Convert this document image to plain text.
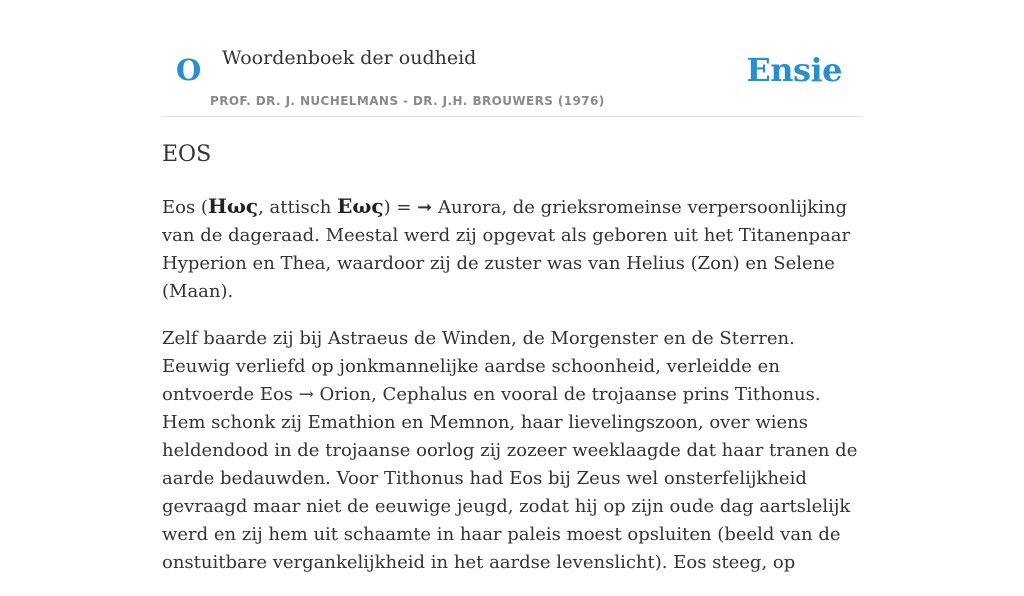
O Woordenboek der oudheid
PROF. DR. J. NUCHELMANS - DR. J.H. BROUWERS (1976)
Ensie
EOS

Eos (Ηως, attisch Εως) = ➞ Aurora, de grieksromeinse verpersoonlijking van de dageraad. Meestal werd zij opgevat als geboren uit het Titanenpaar Hyperion en Thea, waardoor zij de zuster was van Helius (Zon) en Selene (Maan).

Zelf baarde zij bij Astraeus de Winden, de Morgenster en de Sterren. Eeuwig verliefd op jonkmannelijke aardse schoonheid, verleidde en ontvoerde Eos → Orion, Cephalus en vooral de trojaanse prins Tithonus. Hem schonk zij Emathion en Memnon, haar lievelingszoon, over wiens heldendood in de trojaanse oorlog zij zozeer weeklaagde dat haar tranen de aarde bedauwden. Voor Tithonus had Eos bij Zeus wel onsterfelijkheid gevraagd maar niet de eeuwige jeugd, zodat hij op zijn oude dag aartslelijk werd en zij hem uit schaamte in haar paleis moest opsluiten (beeld van de onstuitbare vergankelijkheid in het aardse levenslicht). Eos steeg, op
